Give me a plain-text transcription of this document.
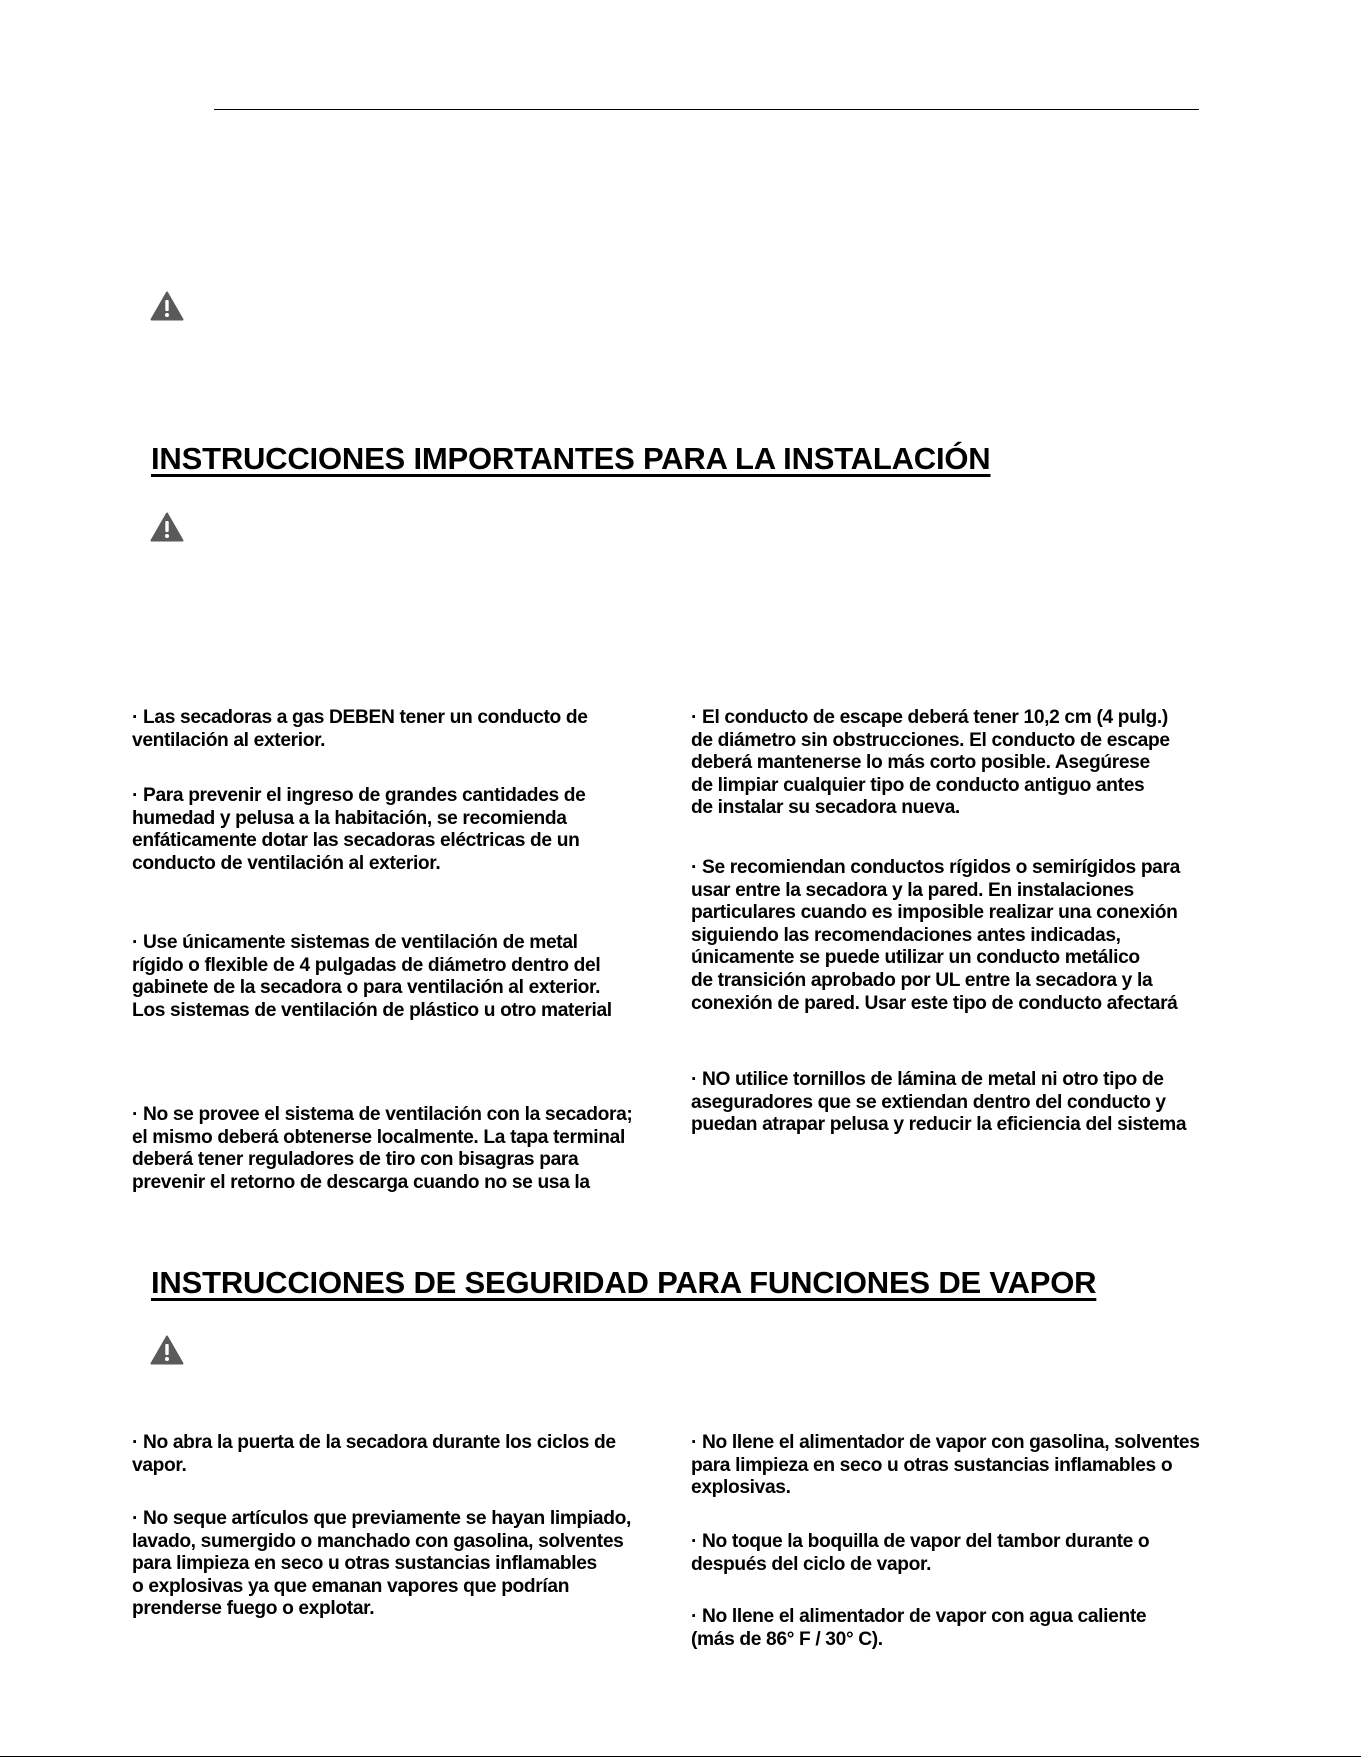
INSTRUCCIONES IMPORTANTES PARA LA INSTALACIÓN
· Las secadoras a gas DEBEN tener un conducto de
ventilación al exterior.
· Para prevenir el ingreso de grandes cantidades de
humedad y pelusa a la habitación, se recomienda
enfáticamente dotar las secadoras eléctricas de un
conducto de ventilación al exterior.
· Use únicamente sistemas de ventilación de metal
rígido o flexible de 4 pulgadas de diámetro dentro del
gabinete de la secadora o para ventilación al exterior.
Los sistemas de ventilación de plástico u otro material
· No se provee el sistema de ventilación con la secadora;
el mismo deberá obtenerse localmente. La tapa terminal
deberá tener reguladores de tiro con bisagras para
prevenir el retorno de descarga cuando no se usa la
· El conducto de escape deberá tener 10,2 cm (4 pulg.)
de diámetro sin obstrucciones. El conducto de escape
deberá mantenerse lo más corto posible. Asegúrese
de limpiar cualquier tipo de conducto antiguo antes
de instalar su secadora nueva.
· Se recomiendan conductos rígidos o semirígidos para
usar entre la secadora y la pared. En instalaciones
particulares cuando es imposible realizar una conexión
siguiendo las recomendaciones antes indicadas,
únicamente se puede utilizar un conducto metálico
de transición aprobado por UL entre la secadora y la
conexión de pared. Usar este tipo de conducto afectará
· NO utilice tornillos de lámina de metal ni otro tipo de
aseguradores que se extiendan dentro del conducto y
puedan atrapar pelusa y reducir la eficiencia del sistema
INSTRUCCIONES DE SEGURIDAD PARA FUNCIONES DE VAPOR
· No abra la puerta de la secadora durante los ciclos de
vapor.
· No seque artículos que previamente se hayan limpiado,
lavado, sumergido o manchado con gasolina, solventes
para limpieza en seco u otras sustancias inflamables
o explosivas ya que emanan vapores que podrían
prenderse fuego o explotar.
· No llene el alimentador de vapor con gasolina, solventes
para limpieza en seco u otras sustancias inflamables o
explosivas.
· No toque la boquilla de vapor del tambor durante o
después del ciclo de vapor.
· No llene el alimentador de vapor con agua caliente
(más de 86° F / 30° C).
